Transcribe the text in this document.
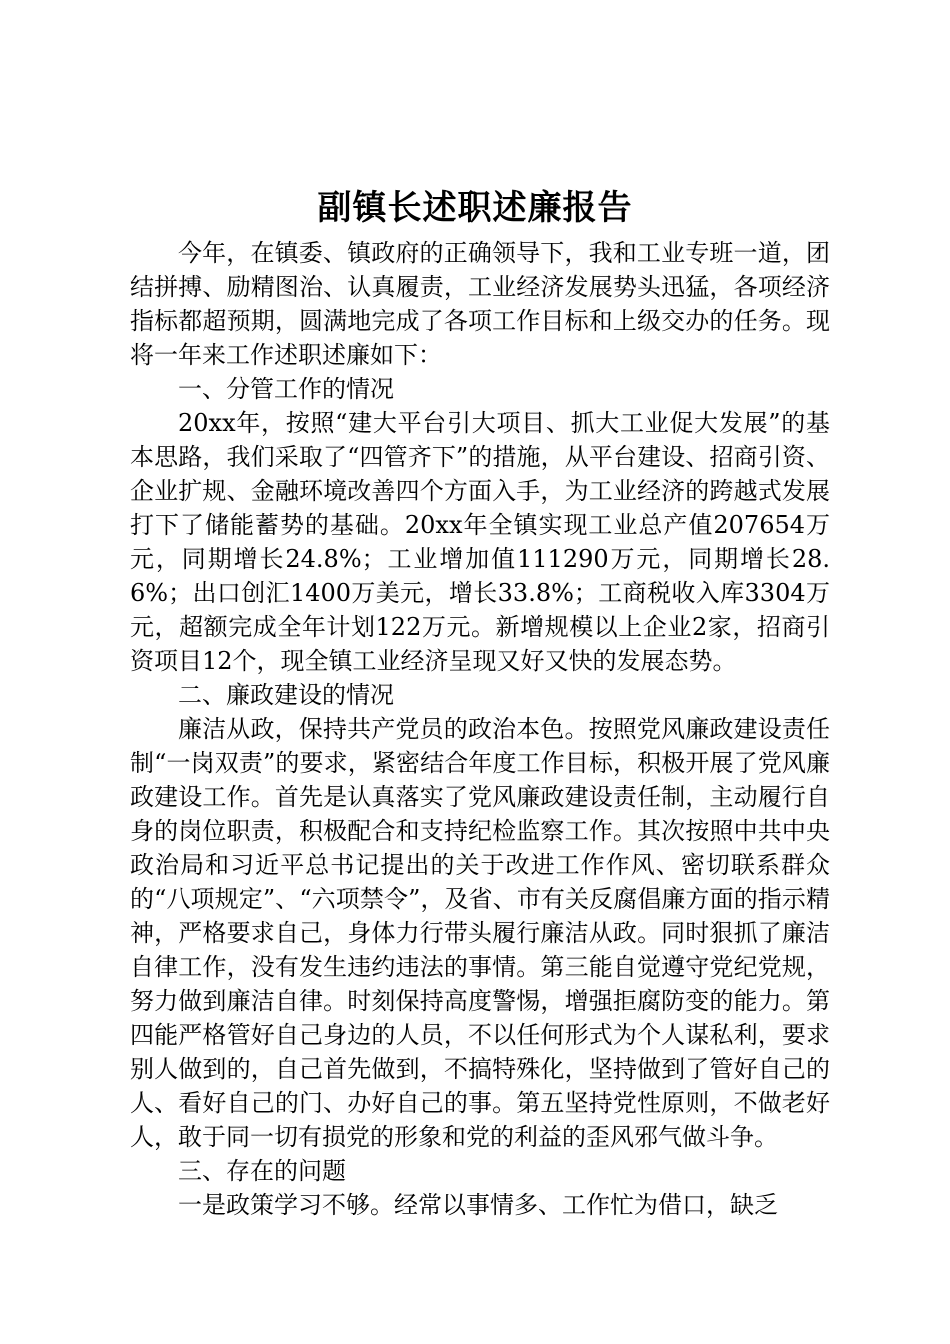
副镇长述职述廉报告

今年，在镇委、镇政府的正确领导下，我和工业专班一道，团结拼搏、励精图治、认真履责，工业经济发展势头迅猛，各项经济指标都超预期，圆满地完成了各项工作目标和上级交办的任务。现将一年来工作述职述廉如下：

一、分管工作的情况

20xx年，按照“建大平台引大项目、抓大工业促大发展”的基本思路，我们采取了“四管齐下”的措施，从平台建设、招商引资、企业扩规、金融环境改善四个方面入手，为工业经济的跨越式发展打下了储能蓄势的基础。20xx年全镇实现工业总产值207654万元，同期增长24.8%；工业增加值111290万元，同期增长28.6%；出口创汇1400万美元，增长33.8%；工商税收入库3304万元，超额完成全年计划122万元。新增规模以上企业2家，招商引资项目12个，现全镇工业经济呈现又好又快的发展态势。

二、廉政建设的情况

廉洁从政，保持共产党员的政治本色。按照党风廉政建设责任制“一岗双责”的要求，紧密结合年度工作目标，积极开展了党风廉政建设工作。首先是认真落实了党风廉政建设责任制，主动履行自身的岗位职责，积极配合和支持纪检监察工作。其次按照中共中央政治局和习近平总书记提出的关于改进工作作风、密切联系群众的“八项规定”、“六项禁令”，及省、市有关反腐倡廉方面的指示精神，严格要求自己，身体力行带头履行廉洁从政。同时狠抓了廉洁自律工作，没有发生违约违法的事情。第三能自觉遵守党纪党规，努力做到廉洁自律。时刻保持高度警惕，增强拒腐防变的能力。第四能严格管好自己身边的人员，不以任何形式为个人谋私利，要求别人做到的，自己首先做到，不搞特殊化，坚持做到了管好自己的人、看好自己的门、办好自己的事。第五坚持党性原则，不做老好人，敢于同一切有损党的形象和党的利益的歪风邪气做斗争。

三、存在的问题

一是政策学习不够。经常以事情多、工作忙为借口，缺乏
